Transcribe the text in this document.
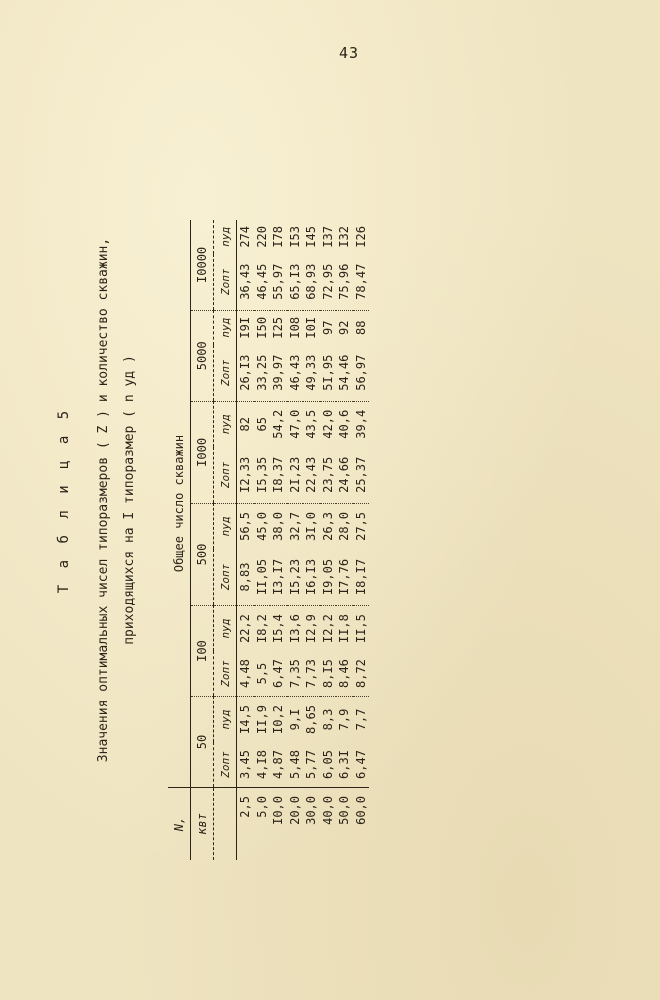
43
Т а б л и ц а 5 Значения оптимальных чисел типоразмеров ( Z ) и количество скважин, приходящихся на I типоразмер ( n уд )
N,	Общее число скважин											
квт	50		I00		500		I000		5000		I0000	
	Zопт	nуд	Zопт	nуд	Zопт	nуд	Zопт	nуд	Zопт	nуд	Zопт	nуд
2,5	3,45	I4,5	4,48	22,2	8,83	56,5	I2,33	82	26,I3	I9I	36,43	274
5,0	4,I8	II,9	5,5	I8,2	II,05	45,0	I5,35	65	33,25	I50	46,45	220
I0,0	4,87	I0,2	6,47	I5,4	I3,I7	38,0	I8,37	54,2	39,97	I25	55,97	I78
20,0	5,48	9,I	7,35	I3,6	I5,23	32,7	2I,23	47,0	46,43	I08	65,I3	I53
30,0	5,77	8,65	7,73	I2,9	I6,I3	3I,0	22,43	43,5	49,33	I0I	68,93	I45
40,0	6,05	8,3	8,I5	I2,2	I9,05	26,3	23,75	42,0	5I,95	97	72,95	I37
50,0	6,3I	7,9	8,46	II,8	I7,76	28,0	24,66	40,6	54,46	92	75,96	I32
60,0	6,47	7,7	8,72	II,5	I8,I7	27,5	25,37	39,4	56,97	88	78,47	I26
